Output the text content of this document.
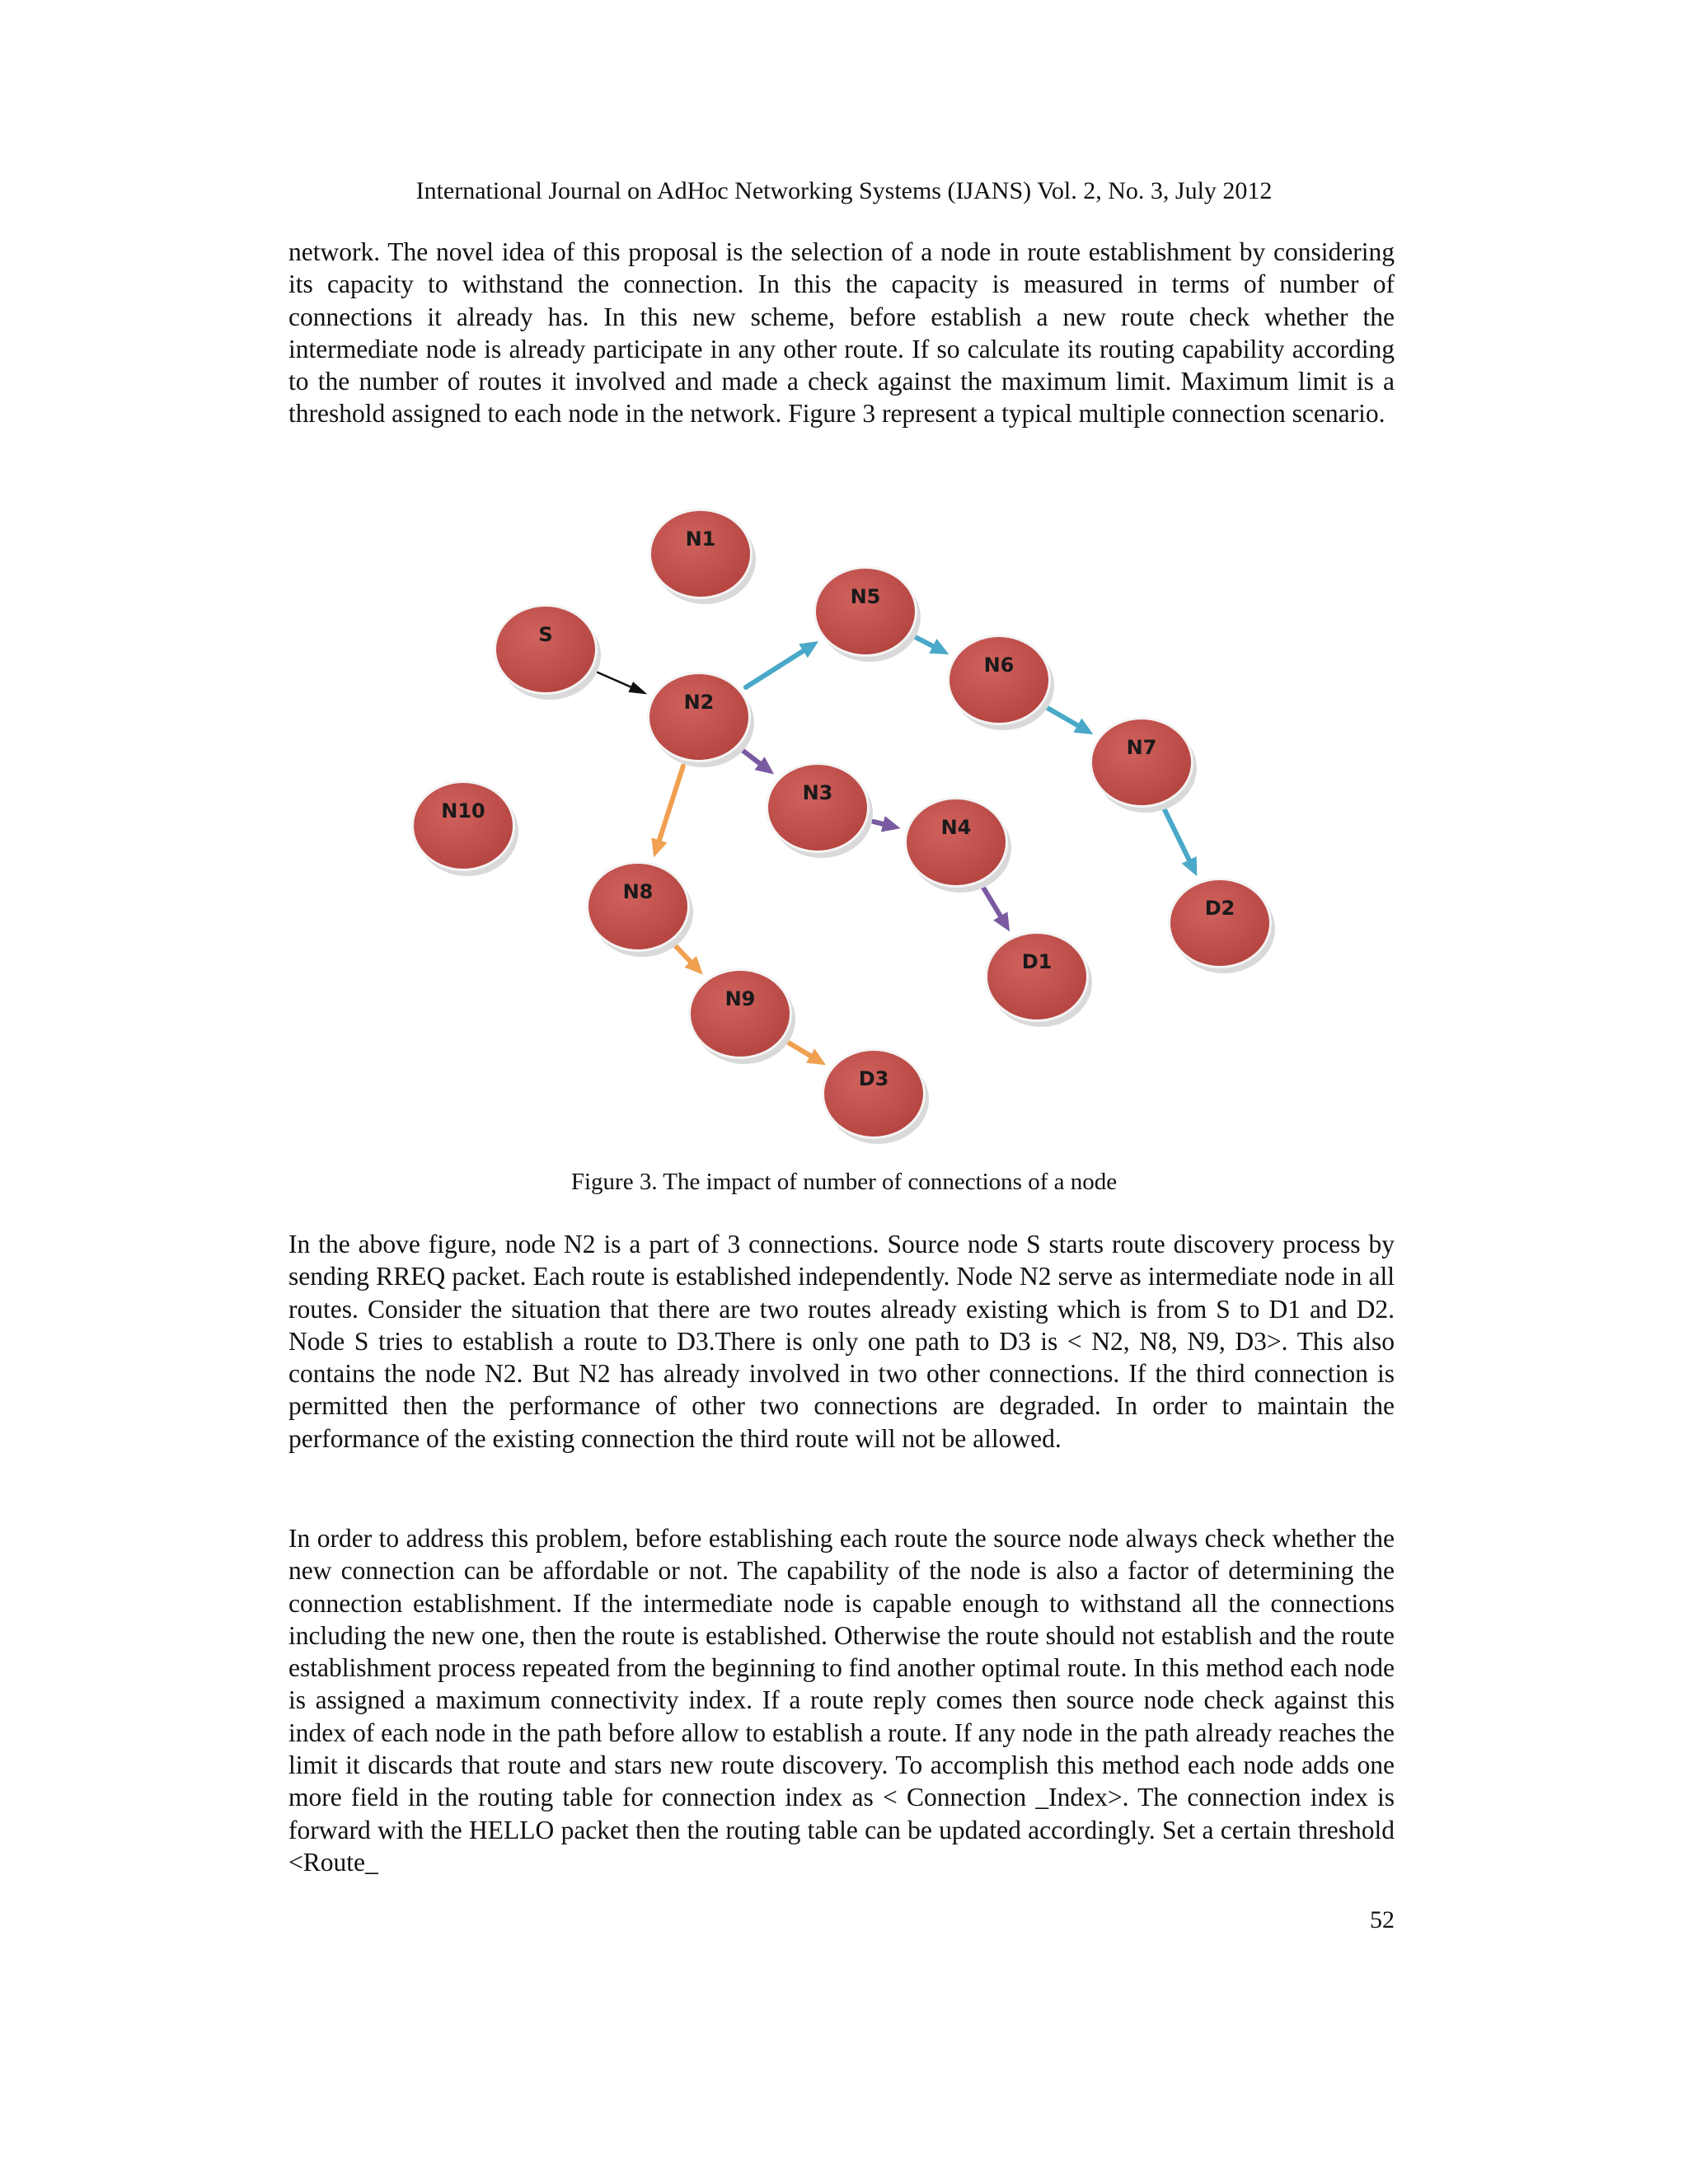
International Journal on AdHoc Networking Systems (IJANS) Vol. 2, No. 3, July 2012

network. The novel idea of this proposal is the selection of a node in route establishment by considering its capacity to withstand the connection. In this the capacity is measured in terms of number of connections it already has. In this new scheme, before establish a new route check whether the intermediate node is already participate in any other route. If so calculate its routing capability according to the number of routes it involved and made a check against the maximum limit. Maximum limit is a threshold assigned to each node in the network. Figure 3 represent a typical multiple connection scenario.

N1
S
N2
N5
N6
N7
N3
N4
N10
N8
N9
D1
D2
D3
Figure 3. The impact of number of connections of a node

In the above figure, node N2 is a part of 3 connections. Source node S starts route discovery process by sending RREQ packet. Each route is established independently. Node N2 serve as intermediate node in all routes. Consider the situation that there are two routes already existing which is from S to D1 and D2. Node S tries to establish a route to D3.There is only one path to D3 is < N2, N8, N9, D3>. This also contains the node N2. But N2 has already involved in two other connections. If the third connection is permitted then the performance of other two connections are degraded. In order to maintain the performance of the existing connection the third route will not be allowed.

In order to address this problem, before establishing each route the source node always check whether the new connection can be affordable or not. The capability of the node is also a factor of determining the connection establishment. If the intermediate node is capable enough to withstand all the connections including the new one, then the route is established. Otherwise the route should not establish and the route establishment process repeated from the beginning to find another optimal route. In this method each node is assigned a maximum connectivity index. If a route reply comes then source node check against this index of each node in the path before allow to establish a route. If any node in the path already reaches the limit it discards that route and stars new route discovery. To accomplish this method each node adds one more field in the routing table for connection index as < Connection _Index>. The connection index is forward with the HELLO packet then the routing table can be updated accordingly. Set a certain threshold <Route_

52
